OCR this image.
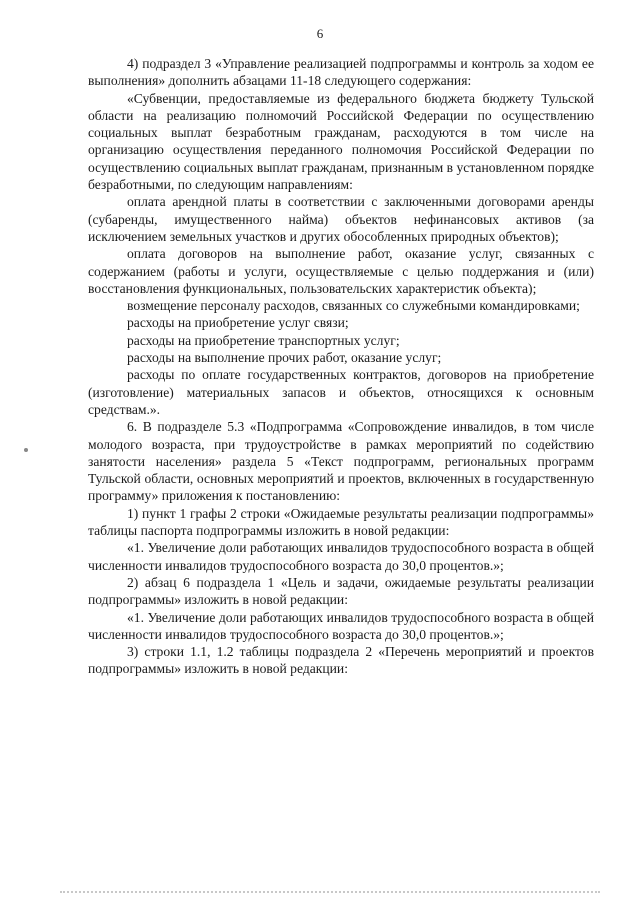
6

4) подраздел 3 «Управление реализацией подпрограммы и контроль за ходом ее выполнения» дополнить абзацами 11-18 следующего содержания:

«Субвенции, предоставляемые из федерального бюджета бюджету Тульской области на реализацию полномочий Российской Федерации по осуществлению социальных выплат безработным гражданам, расходуются в том числе на организацию осуществления переданного полномочия Российской Федерации по осуществлению социальных выплат гражданам, признанным в установленном порядке безработными, по следующим направлениям:

оплата арендной платы в соответствии с заключенными договорами аренды (субаренды, имущественного найма) объектов нефинансовых активов (за исключением земельных участков и других обособленных природных объектов);

оплата договоров на выполнение работ, оказание услуг, связанных с содержанием (работы и услуги, осуществляемые с целью поддержания и (или) восстановления функциональных, пользовательских характеристик объекта);

возмещение персоналу расходов, связанных со служебными командировками;

расходы на приобретение услуг связи;

расходы на приобретение транспортных услуг;

расходы на выполнение прочих работ, оказание услуг;

расходы по оплате государственных контрактов, договоров на приобретение (изготовление) материальных запасов и объектов, относящихся к основным средствам.».

6. В подразделе 5.3 «Подпрограмма «Сопровождение инвалидов, в том числе молодого возраста, при трудоустройстве в рамках мероприятий по содействию занятости населения» раздела 5 «Текст подпрограмм, региональных программ Тульской области, основных мероприятий и проектов, включенных в государственную программу» приложения к постановлению:

1) пункт 1 графы 2 строки «Ожидаемые результаты реализации подпрограммы» таблицы паспорта подпрограммы изложить в новой редакции:

«1. Увеличение доли работающих инвалидов трудоспособного возраста в общей численности инвалидов трудоспособного возраста до 30,0 процентов.»;

2) абзац 6 подраздела 1 «Цель и задачи, ожидаемые результаты реализации подпрограммы» изложить в новой редакции:

«1. Увеличение доли работающих инвалидов трудоспособного возраста в общей численности инвалидов трудоспособного возраста до 30,0 процентов.»;

3) строки 1.1, 1.2 таблицы подраздела 2 «Перечень мероприятий и проектов подпрограммы» изложить в новой редакции:
